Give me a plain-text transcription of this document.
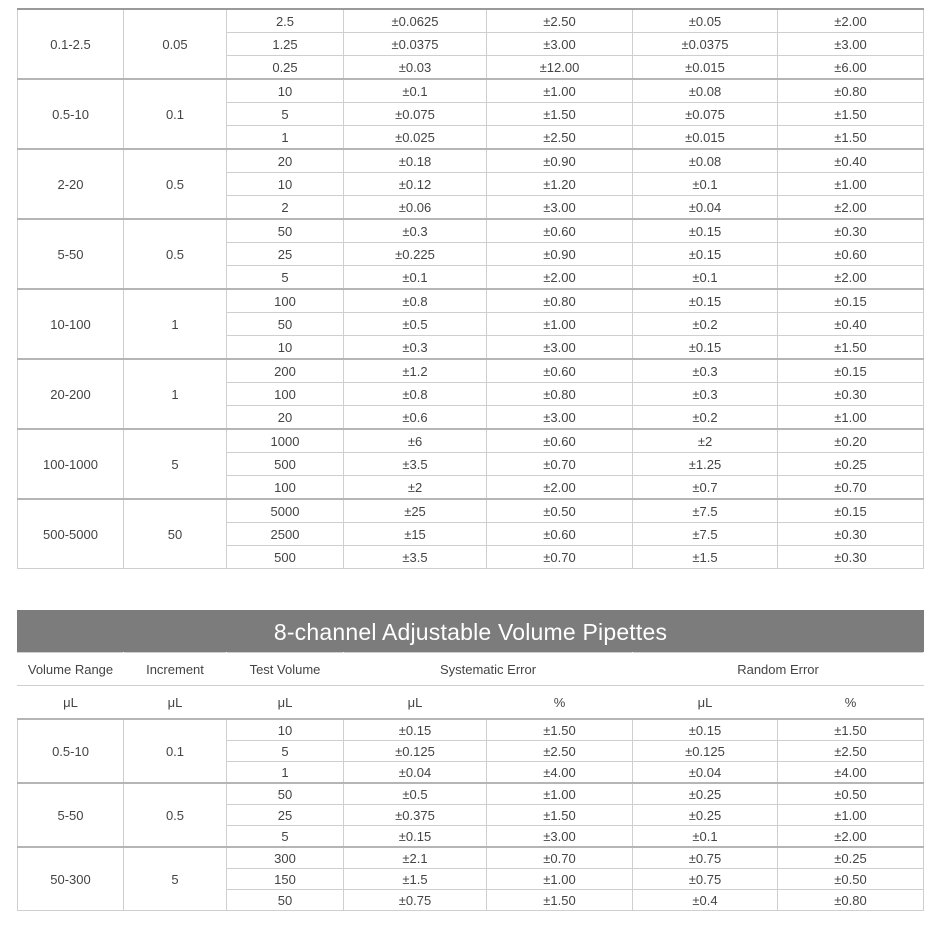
0.1-2.5	0.05	2.5	±0.0625	±2.50	±0.05	±2.00
		1.25	±0.0375	±3.00	±0.0375	±3.00
		0.25	±0.03	±12.00	±0.015	±6.00
0.5-10	0.1	10	±0.1	±1.00	±0.08	±0.80
		5	±0.075	±1.50	±0.075	±1.50
		1	±0.025	±2.50	±0.015	±1.50
2-20	0.5	20	±0.18	±0.90	±0.08	±0.40
		10	±0.12	±1.20	±0.1	±1.00
		2	±0.06	±3.00	±0.04	±2.00
5-50	0.5	50	±0.3	±0.60	±0.15	±0.30
		25	±0.225	±0.90	±0.15	±0.60
		5	±0.1	±2.00	±0.1	±2.00
10-100	1	100	±0.8	±0.80	±0.15	±0.15
		50	±0.5	±1.00	±0.2	±0.40
		10	±0.3	±3.00	±0.15	±1.50
20-200	1	200	±1.2	±0.60	±0.3	±0.15
		100	±0.8	±0.80	±0.3	±0.30
		20	±0.6	±3.00	±0.2	±1.00
100-1000	5	1000	±6	±0.60	±2	±0.20
		500	±3.5	±0.70	±1.25	±0.25
		100	±2	±2.00	±0.7	±0.70
500-5000	50	5000	±25	±0.50	±7.5	±0.15
		2500	±15	±0.60	±7.5	±0.30
		500	±3.5	±0.70	±1.5	±0.30
8-channel Adjustable Volume Pipettes
Volume Range	Increment	Test Volume	Systematic Error		Random Error	
μL	μL	μL	μL	%	μL	%
0.5-10	0.1	10	±0.15	±1.50	±0.15	±1.50
		5	±0.125	±2.50	±0.125	±2.50
		1	±0.04	±4.00	±0.04	±4.00
5-50	0.5	50	±0.5	±1.00	±0.25	±0.50
		25	±0.375	±1.50	±0.25	±1.00
		5	±0.15	±3.00	±0.1	±2.00
50-300	5	300	±2.1	±0.70	±0.75	±0.25
		150	±1.5	±1.00	±0.75	±0.50
		50	±0.75	±1.50	±0.4	±0.80
